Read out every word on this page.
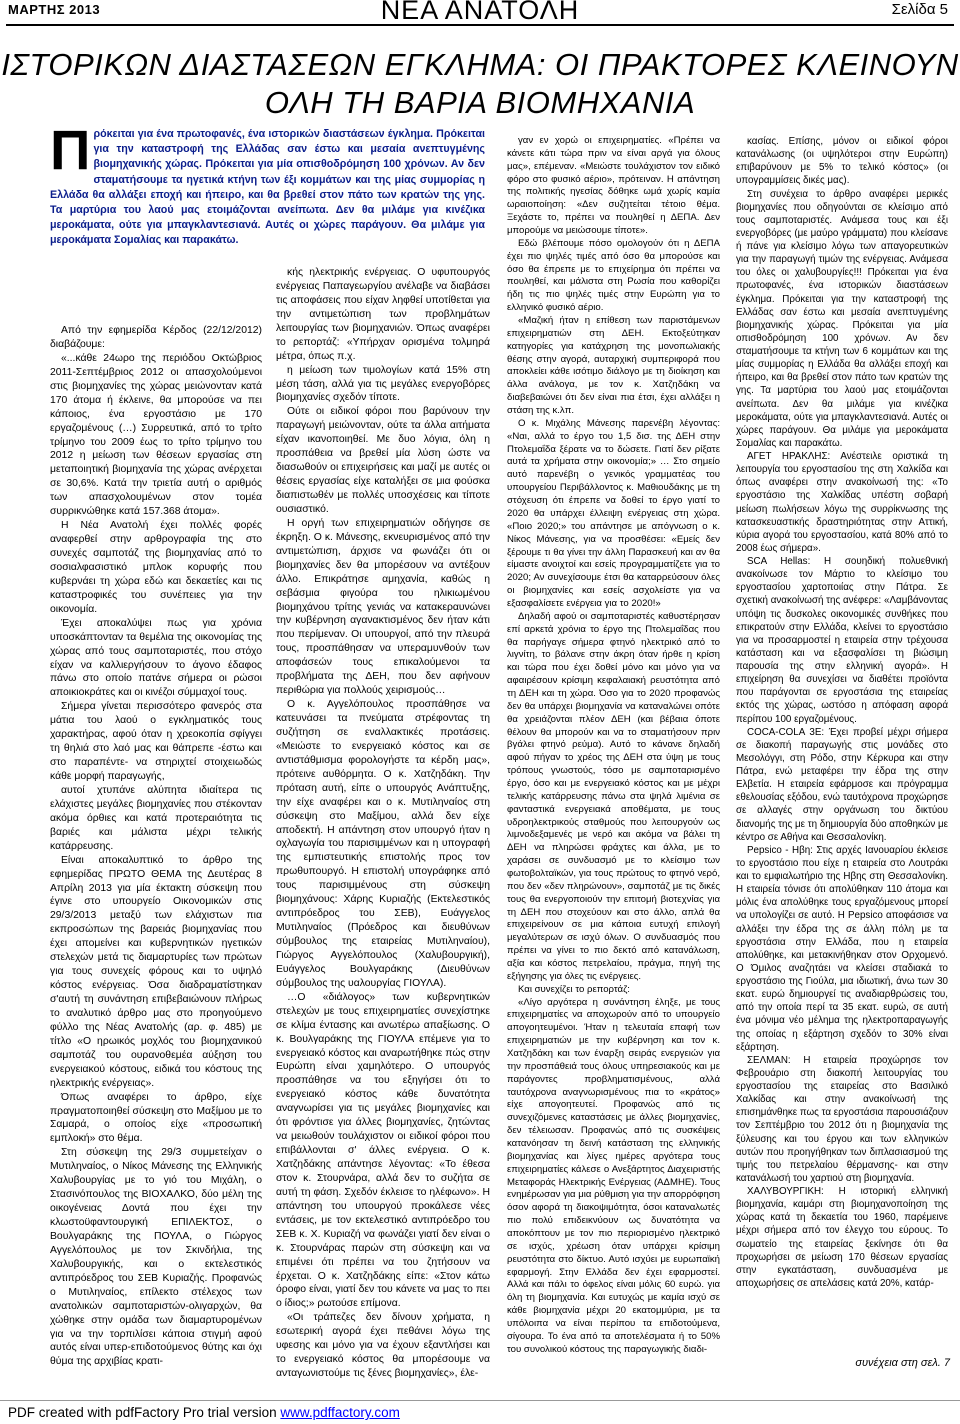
ΜΑΡΤΗΣ 2013	ΝΕΑ ΑΝΑΤΟΛΗ	Σελίδα 5
ΙΣΤΟΡΙΚΩΝ ΔΙΑΣΤΑΣΕΩΝ ΕΓΚΛΗΜΑ: ΟΙ ΠΡΑΚΤΟΡΕΣ ΚΛΕΙΝΟΥΝ
ΟΛΗ ΤΗ ΒΑΡΙΑ ΒΙΟΜΗΧΑΝΙΑ
Π ρόκειται για ένα πρωτοφανές, ένα ιστορικών διαστάσεων έγκλημα. Πρόκειται για την καταστροφή της Ελλάδας σαν έστω και μεσαία ανεπτυγμένης βιομηχανικής χώρας. Πρόκειται για μία οπισθοδρόμηση 100 χρόνων. Αν δεν σταματήσουμε τα ηγετικά κτήνη των έξι κομμάτων και της μίας συμμορίας η Ελλάδα θα αλλάξει εποχή και ήπειρο, και θα βρεθεί στον πάτο των κρατών της γης. Τα μαρτύρια του λαού μας ετοιμάζονται ανείπωτα. Δεν θα μιλάμε για κινέζικα μεροκάματα, ούτε για μπαγκλαντεσιανά. Αυτές οι χώρες παράγουν. Θα μιλάμε για μεροκάματα Σομαλίας και παρακάτω.

Από την εφημερίδα Κέρδος (22/12/2012) διαβάζουμε:

«...κάθε 24ωρο της περιόδου Οκτώβριος 2011-Σεπτέμβριος 2012 οι απασχολούμενοι στις βιομηχανίες της χώρας μειώνονταν κατά 170 άτομα ή έκλεινε, θα μπορούσε να πει κάποιος, ένα εργοστάσιο με 170 εργαζομένους (…) Συρρευτικά, από το τρίτο τρίμηνο του 2009 έως το τρίτο τρίμηνο του 2012 η μείωση των θέσεων εργασίας στη μεταποιητική βιομηχανία της χώρας ανέρχεται σε 30,6%. Κατά την τριετία αυτή ο αριθμός των απασχολουμένων στον τομέα συρρικνώθηκε κατά 157.368 άτομα».

Η Νέα Ανατολή έχει πολλές φορές αναφερθεί στην αρθρογραφία της στο συνεχές σαμποτάζ της βιομηχανίας από το σοσιαλφασιστικό μπλοκ κορυφής που κυβερνάει τη χώρα εδώ και δεκαετίες και τις καταστροφικές του συνέπειες για την οικονομία.

Έχει αποκαλύψει πως για χρόνια υποσκάπτονταν τα θεμέλια της οικονομίας της χώρας από τους σαμποταριστές, που στόχο είχαν να καλλιεργήσουν το άγονο έδαφος πάνω στο οποίο πατάνε σήμερα οι ρώσοι αποικιοκράτες και οι κινέζοι σύμμαχοί τους.

Σήμερα γίνεται περισσότερο φανερός στα μάτια του λαού ο εγκληματικός τους χαρακτήρας, αφού όταν η χρεοκοπία σφίγγει τη θηλιά στο λαό μας και θάπρεπε -έστω και στο παραπέντε- να στηριχτεί στοιχειωδώς κάθε μορφή παραγωγής,

αυτοί χτυπάνε αλύπητα ιδιαίτερα τις ελάχιστες μεγάλες βιομηχανίες που στέκονταν ακόμα όρθιες και κατά προτεραιότητα τις βαριές και μάλιστα μέχρι τελικής κατάρρευσης.

Είναι αποκαλυπτικό το άρθρο της εφημερίδας ΠΡΩΤΟ ΘΕΜΑ της Δευτέρας 8 Απρίλη 2013 για μία έκτακτη σύσκεψη που έγινε στο υπουργείο Οικονομικών στις 29/3/2013 μεταξύ των ελάχιστων πια εκπροσώπων της βαρειάς βιομηχανίας που έχει απομείνει και κυβερνητικών ηγετικών στελεχών μετά τις διαμαρτυρίες των πρώτων για τους συνεχείς φόρους και το υψηλό κόστος ενέργειας. Όσα διαδραματίστηκαν σ'αυτή τη συνάντηση επιβεβαιώνουν πλήρως το αναλυτικό άρθρο μας στο προηγούμενο φύλλο της Νέας Ανατολής (αρ. φ. 485) με τίτλο «Ο ηρωικός μοχλός του βιομηχανικού σαμποτάζ του ουρανοθεμέα αύξηση του ενεργειακού κόστους, ειδικά του κόστους της ηλεκτρικής ενέργειας».

Όπως αναφέρει το άρθρο, είχε πραγματοποιηθεί σύσκεψη στο Μαξίμου με το Σαμαρά, ο οποίος είχε «προσωπική εμπλοκή» στο θέμα.

Στη σύσκεψη της 29/3 συμμετείχαν ο Μυτιληναίος, ο Νίκος Μάνεσης της Ελληνικής Χαλυβουργίας με το γιό του Μιχάλη, ο Στασινόπουλος της ΒΙΟΧΑΛΚΟ, δύο μέλη της οικογένειας Δοντά που έχει την κλωστοϋφαντουργική ΕΠΙΛΕΚΤΟΣ, ο Βουλγαράκης της ΠΟΥΛΑ, ο Γιώργος Αγγελόπουλος με τον Σκινδήλια, της Χαλυβουργικής, και ο εκτελεστικός αντιπρόεδρος του ΣΕΒ Κυριαζής. Προφανώς ο Μυτιληναίος, επίλεκτο στέλεχος των ανατολικών σαμποταριστών-ολιγαρχών, θα χώθηκε στην ομάδα των διαμαρτυρομένων για να την τορπιλίσει κάποια στιγμή αφού αυτός είναι υπερ-επιδοτούμενος θύτης και όχι θύμα της αρχιβίας κρατι-

κής ηλεκτρικής ενέργειας. Ο υφυπουργός ενέργειας Παπαγεωργίου ανέλαβε να διαβάσει τις αποφάσεις που είχαν ληφθεί υποτίθεται για την αντιμετώπιση των προβλημάτων λειτουργίας των βιομηχανιών. Όπως αναφέρει το ρεπορτάζ: «Υπήρχαν ορισμένα τολμηρά μέτρα, όπως π.χ.

η μείωση των τιμολογίων κατά 15% στη μέση τάση, αλλά για τις μεγάλες ενεργοβόρες βιομηχανίες σχεδόν τίποτε.

Ούτε οι ειδικοί φόροι που βαρύνουν την παραγωγή μειώνονταν, ούτε τα άλλα αιτήματα είχαν ικανοποιηθεί. Με δυο λόγια, όλη η προσπάθεια να βρεθεί μία λύση ώστε να διασωθούν οι επιχειρήσεις και μαζί με αυτές οι θέσεις εργασίας είχε καταλήξει σε μια φούσκα διαπιστωθέν με πολλές υποσχέσεις και τίποτε ουσιαστικό.

Η οργή των επιχειρηματιών οδήγησε σε έκρηξη. Ο κ. Μάνεσης, εκνευρισμένος από την αντιμετώπιση, άρχισε να φωνάζει ότι οι βιομηχανίες δεν θα μπορέσουν να αντέξουν άλλο. Επικράτησε αμηχανία, καθώς η σεβάσμια φιγούρα του ηλικιωμένου βιομηχάνου τρίτης γενιάς να κατακεραυνώνει την κυβέρνηση αγανακτισμένος δεν ήταν κάτι που περίμεναν. Οι υπουργοί, από την πλευρά τους, προσπάθησαν να υπεραμυνθούν των αποφάσεών τους επικαλούμενοι τα προβλήματα της ΔΕΗ, που δεν αφήνουν περιθώρια για πολλούς χειρισμούς…

Ο κ. Αγγελόπουλος προσπάθησε να κατευνάσει τα πνεύματα στρέφοντας τη συζήτηση σε εναλλακτικές προτάσεις. «Μειώστε το ενεργειακό κόστος και σε αντιστάθμισμα φορολογήστε τα κέρδη μας», πρότεινε αυθόρμητα. Ο κ. Χατζηδάκη. Την πρόταση αυτή, είπε ο υπουργός Ανάπτυξης, την είχε αναφέρει και ο κ. Μυτιληναίος στη σύσκεψη στο Μαξίμου, αλλά δεν είχε αποδεκτή. Η απάντηση στον υπουργό ήταν η οχλαγωγία του παρισιμμένων και η υπογραφή της εμπιστευτικής επιστολής προς τον πρωθυπουργό. Η επιστολή υπογράφηκε από τους παρισιμμένους στη σύσκεψη βιομηχάνους: Χάρης Κυριαζής (Εκτελεστικός αντιπρόεδρος του ΣΕΒ), Ευάγγελος Μυτιληναίος (Πρόεδρος και διευθύνων σύμβουλος της εταιρείας Μυτιληναίου), Γιώργος Αγγελόπουλος (Χαλυβουργική), Ευάγγελος Βουλγαράκης (Διευθύνων σύμβουλος της υαλουργίας ΓΙΟΥΛΑ).

…Ο «διάλογος» των κυβερνητικών στελεχών με τους επιχειρηματίες συνεχίστηκε σε κλίμα έντασης και ανωτέρω απαξίωσης. Ο κ. Βουλγαράκης της ΓΙΟΥΛΑ επέμενε για το ενεργειακό κόστος και αναρωτήθηκε πώς στην Ευρώπη είναι χαμηλότερο. Ο υπουργός προσπάθησε να του εξηγήσει ότι το ενεργειακό κόστος κάθε δυνατότητα αναγνωρίσει για τις μεγάλες βιομηχανίες και ότι φρόντισε για άλλες βιομηχανίες, ζητώντας να μειωθούν τουλάχιστον οι ειδικοί φόροι που επιβάλλονται σ' άλλες ενέργεια. Ο κ. Χατζηδάκης απάντησε λέγοντας: «Το έθεσα στον κ. Στουρνάρα, αλλά δεν το συζήτα σε αυτή τη φάση. Σχεδόν έκλεισε το ηλέφωνο». Η απάντηση του υπουργού προκάλεσε νέες εντάσεις, με τον εκτελεστικό αντιπρόεδρο του ΣΕΒ κ. Χ. Κυριαζή να φωνάζει γιατί δεν είναι ο κ. Στουρνάρας παρών στη σύσκεψη και να επιμένει ότι πρέπει να του ζητήσουν να έρχεται. Ο κ. Χατζηδάκης είπε: «Στον κάτω όροφο είναι, γιατί δεν του κάνετε να μας το πει ο ίδιος;» ρωτούσε επίμονα.

«Οι τράπεζες δεν δίνουν χρήματα, η εσωτερική αγορά έχει πεθάνει λόγω της υφεσης και μόνο για να έχουν εξαντλήσει και το ενεργειακό κόστος θα μπορέσουμε να ανταγωνιστούμε τις ξένες βιομηχανίες», έλε-

γαν εν χορώ οι επιχειρηματίες. «Πρέπει να κάνετε κάτι τώρα πριν να είναι αργά για όλους μας», επέμεναν. «Μειώστε τουλάχιστον τον ειδικό φόρο στο φυσικό αέριο», πρότειναν. Η απάντηση της πολιτικής ηγεσίας δόθηκε ωμά χωρίς καμία ωραιοποίηση: «Δεν συζητείται τέτοιο θέμα. Ξεχάστε το, πρέπει να πουληθεί η ΔΕΠΑ. Δεν μπορούμε να μειώσουμε τίποτε».

Εδώ βλέπουμε πόσο ομολογούν ότι η ΔΕΠΑ έχει πιο ψηλές τιμές από όσο θα μπορούσε και όσο θα έπρεπε με το επιχείρημα ότι πρέπει να πουληθεί, και μάλιστα στη Ρωσία που καθορίζει ήδη τις πιο ψηλές τιμές στην Ευρώπη για το ελληνικό φυσικό αέριο.

«Μαζική ήταν η επίθεση των παριστάμενων επιχειρηματιών στη ΔΕΗ. Εκτοξεύτηκαν κατηγορίες για κατάχρηση της μονοπωλιακής θέσης στην αγορά, αυταρχική συμπεριφορά που αποκλείει κάθε ισότιμο διάλογο με τη διοίκηση και άλλα ανάλογα, με τον κ. Χατζηδάκη να διαβεβαιώνει ότι δεν είναι πια έτσι, έχει αλλάξει η στάση της κ.λπ.

Ο κ. Μιχάλης Μάνεσης παρενέβη λέγοντας: «Ναι, αλλά το έργο του 1,5 δισ. της ΔΕΗ στην Πτολεμαΐδα ξέρατε να το δώσετε. Γιατί δεν ρίξατε αυτά τα χρήματα στην οικονομία;» … Στο σημείο αυτό παρενέβη ο γενικός γραμματέας του υπουργείου Περιβάλλοντος κ. Μαθιουδάκης με τη στόχευση ότι έπρεπε να δοθεί το έργο γιατί το 2020 θα υπάρχει έλλειψη ενέργειας στη χώρα. «Ποιο 2020;» του απάντησε με απόγνωση ο κ. Νίκος Μάνεσης, για να προσθέσει: «Εμείς δεν ξέρουμε τι θα γίνει την άλλη Παρασκευή και αν θα είμαστε ανοιχτοί και εσείς προγραμματίζετε για το 2020; Αν συνεχίσουμε έτσι θα καταρρεύσουν όλες οι βιομηχανίες και εσείς ασχολείστε για να εξασφαλίσετε ενέργεια για το 2020!»

Δηλαδή αφού οι σαμποταριστές καθυστέρησαν επί αρκετά χρόνια το έργο της Πτολεμαΐδας που θα παρήγαγε σήμερα φτηνό ηλεκτρικό από το λιγνίτη, το βάλανε στην άκρη όταν ήρθε η κρίση και τώρα που έχει δοθεί μόνο και μόνο για να αφαιρέσουν κρίσιμη κεφαλαιακή ρευστότητα από τη ΔΕΗ και τη χώρα. Όσο για το 2020 προφανώς δεν θα υπάρχει βιομηχανία να καταναλώνει οπότε θα χρειάζονται πλέον ΔΕΗ (και βέβαια όποτε θέλουν θα μπορούν και να το σταματήσουν πριν βγάλει φτηνό ρεύμα). Αυτό το κάνανε δηλαδή αφού πήγαν το χρέος της ΔΕΗ στα ύψη με τους τρόπους γνωστούς, τόσο με σαμποταρισμένο έργο, όσο και με ενεργειακό κόστος και με μέχρι τελικής κατάρρευσης πάνω στα ψηλά λιμένια σε φανταστικά ενεργειακά αποθέματα, με τους υδροηλεκτρικούς σταθμούς που λειτουργούν ως λιμνοδεξαμενές με νερό και ακόμα να βάλει τη ΔΕΗ να πληρώσει φράχτες και άλλα, με το χαράσει σε συνδυασμό με το κλείσιμο των φωτοβολταϊκών, για τους πρώτους το φτηνό νερό, που δεν «δεν πληρώνουν», σαμποτάζ με τις δικές τους θα ενεργοποιούν την επιτομή βιοτεχνίας για τη ΔΕΗ που στοχεύουν και στο άλλο, απλά θα επιχειρείνουν σε μια κάποια ευτυχή επιλογή μεγαλύτερων σε ισχύ όλων. Ο συνδυασμός που πρέπει να γίνει το πιο δεκτό από κατανάλωση, αξία και κόστος πετρελαίου, πράγμα, πηγή της εξήγησης για όλες τις ενέργειες.

Και συνεχίζει το ρεπορτάζ:

«Λίγο αργότερα η συνάντηση έληξε, με τους επιχειρηματίες να αποχωρούν από το υπουργείο απογοητευμένοι. Ήταν η τελευταία επαφή των επιχειρηματιών με την κυβέρνηση και τον κ. Χατζηδάκη και των έναρξη σειράς ενεργειών για την προσπάθειά τους όλους υπηρεσιακούς και με παράγοντες προβληματισμένους, αλλά ταυτόχρονα αναγνωρισμένους πια το «κράτος» είχε απογοητευτεί. Προφανώς από τις συνεχιζόμενες καταστάσεις με άλλες βιομηχανίες, δεν τέλειωσαν. Προφανώς από τις συσκέψεις κατανόησαν τη δεινή κατάσταση της ελληνικής βιομηχανίας και λίγες ημέρες αργότερα τους επιχειρηματίες κάλεσε ο Ανεξάρτητος Διαχειριστής Μεταφοράς Ηλεκτρικής Ενέργειας (ΑΔΜΗΕ). Τους ενημέρωσαν για μια ρύθμιση για την απορρόφηση όσον αφορά τη διακοψιμότητα, όσοι καταναλωτές πιο πολύ επιδεικνύουν ως δυνατότητα να αποκόπτουν με τον πιο περιορισμένο ηλεκτρικό σε ισχύς, χρέωση όταν υπάρχει κρίσιμη ρευστότητα στο δίκτυο. Αυτό ισχύει με ευρωπαϊκή εφαρμογή. Στην Ελλάδα δεν έχει εφαρμοστεί. Αλλά και πάλι το όφελος είναι μόλις 60 ευρώ. για όλη τη βιομηχανία. Και ευτυχώς με καμία ισχύ σε κάθε βιομηχανία μέχρι 20 εκατομμύρια, με τα υπόλοιπα να είναι περίπου τα επιδοτούμενα, σίγουρα. Το ένα από τα αποτελέσματα ή το 50% του συνολικού κόστους της παραγωγικής διαδι-

κασίας. Επίσης, μόνον οι ειδικοί φόροι κατανάλωσης (οι υψηλότεροι στην Ευρώπη) επιβαρύνουν με 5% το τελικό κόστος» (οι υπογραμμίσεις δικές μας).

Στη συνέχεια το άρθρο αναφέρει μερικές βιομηχανίες που οδηγούνται σε κλείσιμο από τους σαμποταριστές. Ανάμεσα τους και έξι ενεργοβόρες (με μαύρο γράμματα) που κλείσανε ή πάνε για κλείσιμο λόγω των απαγορευτικών για την παραγωγή τιμών της ενέργειας. Ανάμεσα του όλες οι χαλυβουργίες!!! Πρόκειται για ένα πρωτοφανές, ένα ιστορικών διαστάσεων έγκλημα. Πρόκειται για την καταστροφή της Ελλάδας σαν έστω και μεσαία ανεπτυγμένης βιομηχανικής χώρας. Πρόκειται για μία οπισθοδρόμηση 100 χρόνων. Αν δεν σταματήσουμε τα κτήνη των 6 κομμάτων και της μίας συμμορίας η Ελλάδα θα αλλάξει εποχή και ήπειρο, και θα βρεθεί στον πάτο των κρατών της γης. Τα μαρτύρια του λαού μας ετοιμάζονται ανείπωτα. Δεν θα μιλάμε για κινέζικα μεροκάματα, ούτε για μπαγκλαντεσιανά. Αυτές οι χώρες παράγουν. Θα μιλάμε για μεροκάματα Σομαλίας και παρακάτω.

ΑΓΕΤ ΗΡΑΚΛΗΣ: Ανέστειλε οριστικά τη λειτουργία του εργοστασίου της στη Χαλκίδα και όπως αναφέρει στην ανακοίνωσή της: «Το εργοστάσιο της Χαλκίδας υπέστη σοβαρή μείωση πωλήσεων λόγω της συρρίκνωσης της κατασκευαστικής δραστηριότητας στην Αττική, κύρια αγορά του εργοστασίου, κατά 80% από το 2008 έως σήμερα».

SCA Hellas: Η σουηδική πολυεθνική ανακοίνωσε τον Μάρτιο το κλείσιμο του εργοστασίου χαρτοποιίας στην Πάτρα. Σε σχετική ανακοίνωσή της ανέφερε: «Λαμβάνοντας υπόψη τις δυσκολες οικονομικές συνθήκες που επικρατούν στην Ελλάδα, κλείνει το εργοστάσιο για να προσαρμοστεί η εταιρεία στην τρέχουσα κατάσταση και να εξασφαλίσει τη βιώσιμη παρουσία της στην ελληνική αγορά». Η επιχείρηση θα συνεχίσει να διαθέτει προϊόντα που παράγονται σε εργοστάσια της εταιρείας εκτός της χώρας, ωστόσο η απόφαση αφορά περίπου 100 εργαζομένους.

COCA-COLA 3E: Έχει προβεί μέχρι σήμερα σε διακοπή παραγωγής στις μονάδες στο Μεσολόγγι, στη Ρόδο, στην Κέρκυρα και στην Πάτρα, ενώ μεταφέρει την έδρα της στην Ελβετία. Η εταιρεία εφάρμοσε και πρόγραμμα εθελουσίας εξόδου, ενώ ταυτόχρονα προχώρησε σε αλλαγές στην οργάνωση του δικτύου διανομής της με τη δημιουργία δύο αποθηκών με κέντρο σε Αθήνα και Θεσσαλονίκη.

Pepsico - Ηβη: Στις αρχές Ιανουαρίου έκλεισε το εργοστάσιο που είχε η εταιρεία στο Λουτράκι και το εμφιαλωτήριο της Ηβης στη Θεσσαλονίκη. Η εταιρεία τόνισε ότι απολύθηκαν 110 άτομα και μόλις ένα απολύθηκε τους εργαζόμενους μπορεί να υπολογίζει σε αυτό. Η Pepsico αποφάσισε να αλλάξει την έδρα της σε άλλη πόλη με τα εργοστάσια στην Ελλάδα, που η εταιρεία απολύθηκε, και μετακινήθηκαν στον Ορχομενό. Ο Όμιλος αναζητάει να κλείσει σταδιακά το εργοστάσιο της Γιούλα, μια ιδιωτική, άνω των 30 εκατ. ευρώ δημιουργεί τις αναδιαρθρώσεις του, από την οποία περί τα 35 εκατ. ευρώ, σε αυτή ένα μόνιμα νέο μέλημα της ηλεκτροπαραγωγής της οποίας η εξάρτηση σχεδόν το 30% είναι εξάρτηση.

ΣΕΛΜΑΝ: Η εταιρεία προχώρησε τον Φεβρουάριο στη διακοπή λειτουργίας του εργοστασίου της εταιρείας στο Βασιλικό Χαλκίδας και στην ανακοίνωσή της επισημάνθηκε πως τα εργοστάσια παρουσιάζουν τον Σεπτέμβριο του 2012 ότι η βιομηχανία της ξύλευσης και του έργου και των ελληνικών αυτών που προηγήθηκαν των διπλασιασμού της τιμής του πετρελαίου θέρμανσης- και στην κατανάλωσή του χαρτιού στη βιομηχανία.

ΧΑΛΥΒΟΥΡΓΙΚΗ: Η ιστορική ελληνική βιομηχανία, καμάρι στη βιομηχανοποίηση της χώρας κατά τη δεκαετία του 1960, παρέμεινε μέχρι σήμερα από τον έλεγχο του εύρους. Το σωματείο της εταιρείας ξεκίνησε ότι θα προχωρήσει σε μείωση 170 θέσεων εργασίας στην εγκατάσταση, συνδυασμένα με αποχωρήσεις σε απελάσεις κατά 20%, κατάρ-

συνέχεια στη σελ. 7
PDF created with pdfFactory Pro trial version www.pdffactory.com
